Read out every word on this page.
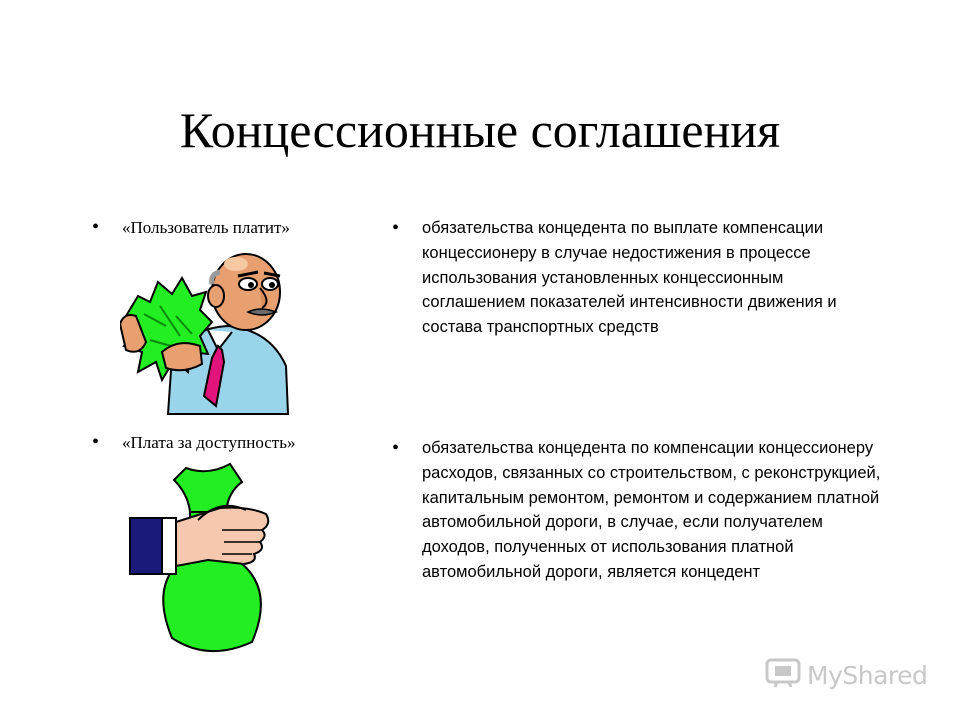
Концессионные соглашения
•	«Пользователь платит»
•	«Плата за доступность»
•	обязательства концедента по выплате компенсации концессионеру в случае недостижения в процессе использования установленных концессионным соглашением показателей интенсивности движения и состава транспортных средств
•	обязательства концедента по компенсации концессионеру расходов, связанных со строительством, с реконструкцией, капитальным ремонтом, ремонтом и содержанием платной автомобильной дороги, в случае, если получателем доходов, полученных от использования платной автомобильной дороги, является концедент
MyShared
